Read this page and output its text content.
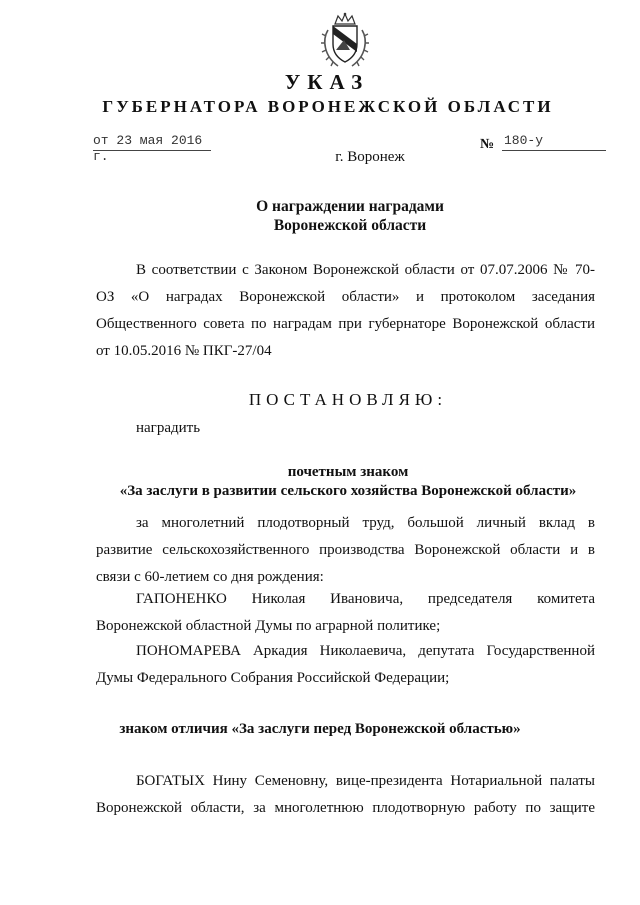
УКАЗ
ГУБЕРНАТОРА ВОРОНЕЖСКОЙ ОБЛАСТИ
от 23 мая 2016 г.
№ 180-у
г. Воронеж
О награждении наградами
Воронежской области
В соответствии с Законом Воронежской области от 07.07.2006 № 70-
ОЗ «О наградах Воронежской области» и протоколом заседания
Общественного совета по наградам при губернаторе Воронежской области
от 10.05.2016 № ПКГ-27/04
ПОСТАНОВЛЯЮ:
наградить
почетным знаком
«За заслуги в развитии сельского хозяйства Воронежской области»
за многолетний плодотворный труд, большой личный вклад в
развитие сельскохозяйственного производства Воронежской области и в
связи с 60-летием со дня рождения:
ГАПОНЕНКО Николая Ивановича, председателя комитета
Воронежской областной Думы по аграрной политике;
ПОНОМАРЕВА Аркадия Николаевича, депутата Государственной
Думы Федерального Собрания Российской Федерации;
знаком отличия «За заслуги перед Воронежской областью»
БОГАТЫХ Нину Семеновну, вице-президента Нотариальной палаты
Воронежской области, за многолетнюю плодотворную работу по защите
